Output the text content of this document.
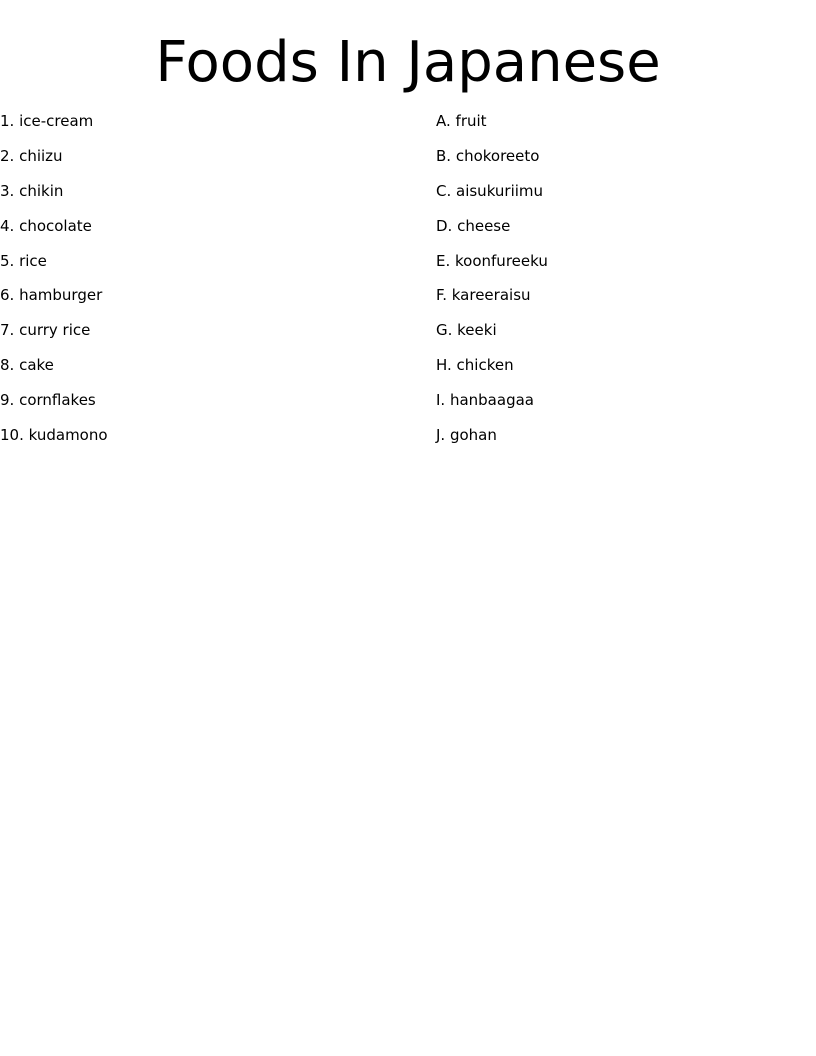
Foods In Japanese
1. ice-cream
2. chiizu
3. chikin
4. chocolate
5. rice
6. hamburger
7. curry rice
8. cake
9. cornflakes
10. kudamono
A. fruit
B. chokoreeto
C. aisukuriimu
D. cheese
E. koonfureeku
F. kareeraisu
G. keeki
H. chicken
I. hanbaagaa
J. gohan
